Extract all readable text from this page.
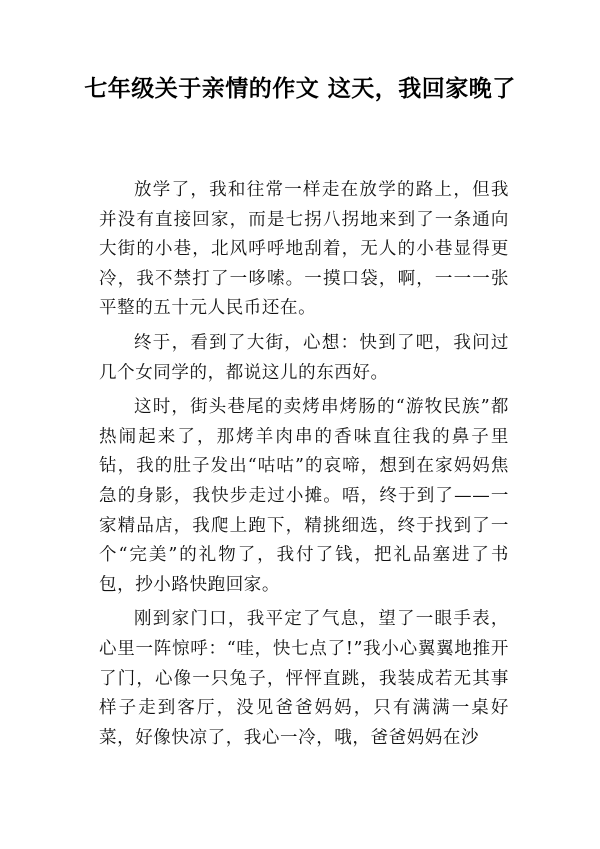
七年级关于亲情的作文 这天，我回家晚了

放学了，我和往常一样走在放学的路上，但我并没有直接回家，而是七拐八拐地来到了一条通向大街的小巷，北风呼呼地刮着，无人的小巷显得更冷，我不禁打了一哆嗦。一摸口袋，啊，一一一张平整的五十元人民币还在。

终于，看到了大街，心想：快到了吧，我问过几个女同学的，都说这儿的东西好。

这时，街头巷尾的卖烤串烤肠的“游牧民族”都热闹起来了，那烤羊肉串的香味直往我的鼻子里钻，我的肚子发出“咕咕”的哀啼，想到在家妈妈焦急的身影，我快步走过小摊。唔，终于到了——一家精品店，我爬上跑下，精挑细选，终于找到了一个“完美”的礼物了，我付了钱，把礼品塞进了书包，抄小路快跑回家。

刚到家门口，我平定了气息，望了一眼手表，心里一阵惊呼：“哇，快七点了!”我小心翼翼地推开了门，心像一只兔子，怦怦直跳，我装成若无其事样子走到客厅，没见爸爸妈妈，只有满满一桌好菜，好像快凉了，我心一冷，哦，爸爸妈妈在沙
